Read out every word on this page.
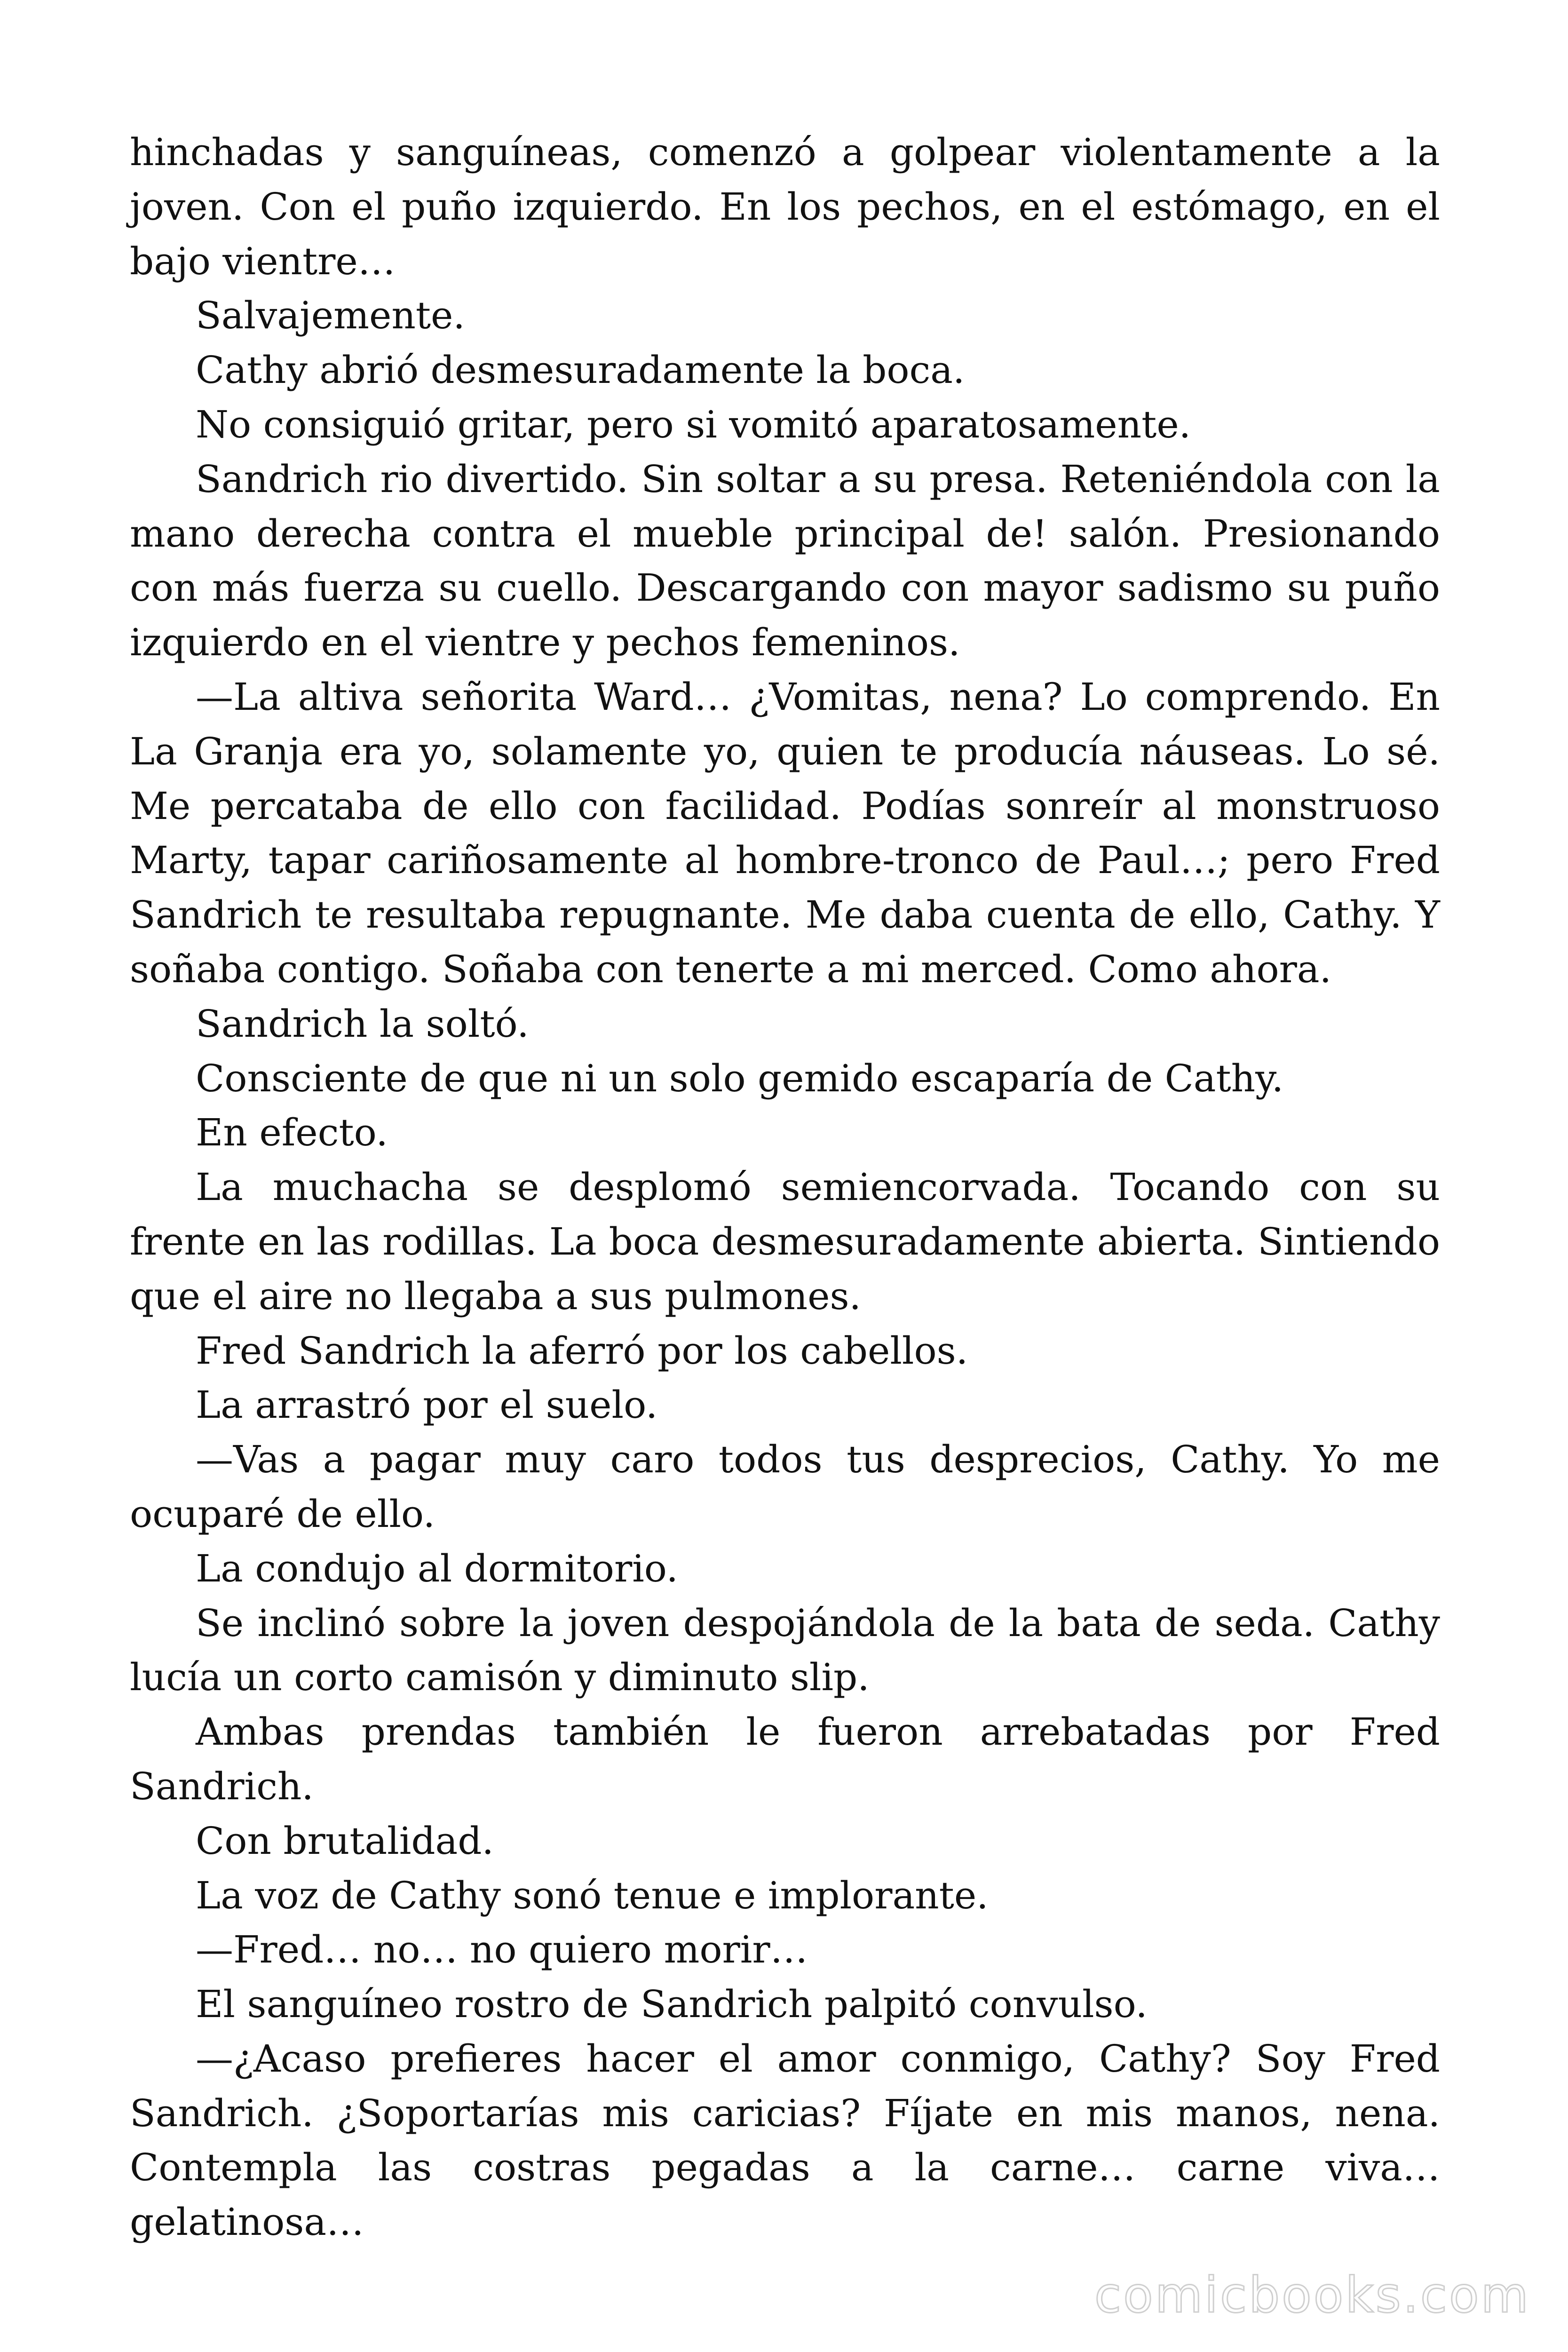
hinchadas y sanguíneas, comenzó a golpear violentamente a la joven. Con el puño izquierdo. En los pechos, en el estómago, en el bajo vientre…

Salvajemente.

Cathy abrió desmesuradamente la boca.

No consiguió gritar, pero si vomitó aparatosamente.

Sandrich rio divertido. Sin soltar a su presa. Reteniéndola con la mano derecha contra el mueble principal de! salón. Presionando con más fuerza su cuello. Descargando con mayor sadismo su puño izquierdo en el vientre y pechos femeninos.

—La altiva señorita Ward… ¿Vomitas, nena? Lo comprendo. En La Granja era yo, solamente yo, quien te producía náuseas. Lo sé. Me percataba de ello con facilidad. Podías sonreír al monstruoso Marty, tapar cariñosamente al hombre-tronco de Paul…; pero Fred Sandrich te resultaba repugnante. Me daba cuenta de ello, Cathy. Y soñaba contigo. Soñaba con tenerte a mi merced. Como ahora.

Sandrich la soltó.

Consciente de que ni un solo gemido escaparía de Cathy.

En efecto.

La muchacha se desplomó semiencorvada. Tocando con su frente en las rodillas. La boca desmesuradamente abierta. Sintiendo que el aire no llegaba a sus pulmones.

Fred Sandrich la aferró por los cabellos.

La arrastró por el suelo.

—Vas a pagar muy caro todos tus desprecios, Cathy. Yo me ocuparé de ello.

La condujo al dormitorio.

Se inclinó sobre la joven despojándola de la bata de seda. Cathy lucía un corto camisón y diminuto slip.

Ambas prendas también le fueron arrebatadas por Fred Sandrich.

Con brutalidad.

La voz de Cathy sonó tenue e implorante.

—Fred… no… no quiero morir…

El sanguíneo rostro de Sandrich palpitó convulso.

—¿Acaso prefieres hacer el amor conmigo, Cathy? Soy Fred Sandrich. ¿Soportarías mis caricias? Fíjate en mis manos, nena. Contempla las costras pegadas a la carne… carne viva… gelatinosa…

comicbooks.com
